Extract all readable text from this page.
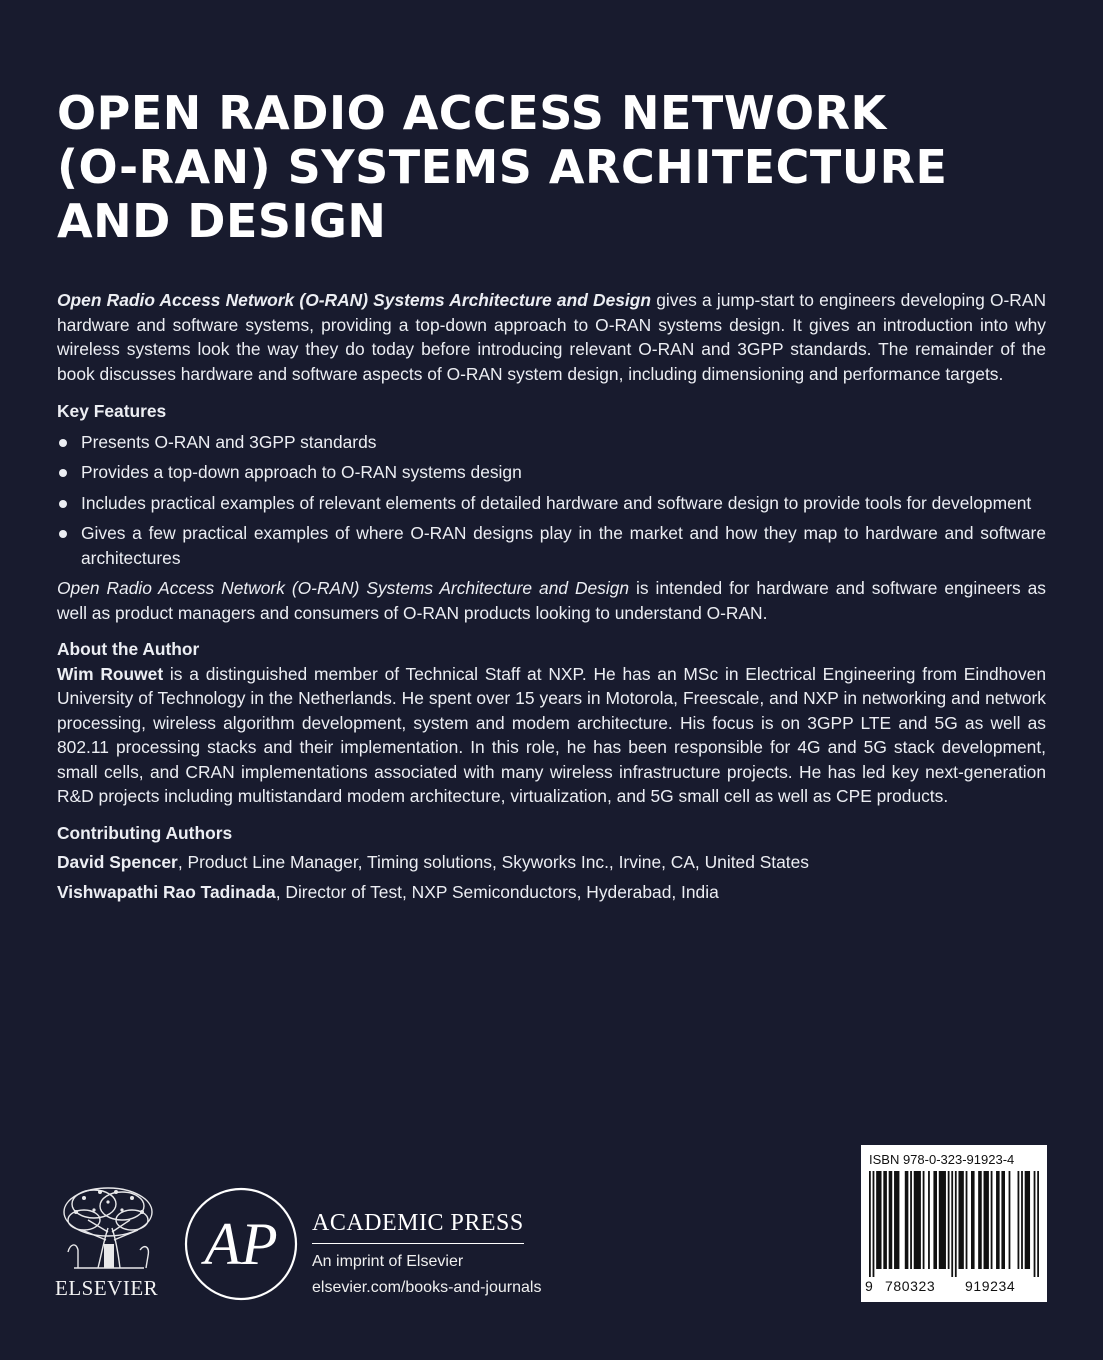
OPEN RADIO ACCESS NETWORK
(O-RAN) SYSTEMS ARCHITECTURE
AND DESIGN

Open Radio Access Network (O-RAN) Systems Architecture and Design gives a jump-start to engineers developing O-RAN hardware and software systems, providing a top-down approach to O-RAN systems design. It gives an introduction into why wireless systems look the way they do today before introducing relevant O-RAN and 3GPP standards. The remainder of the book discusses hardware and software aspects of O-RAN system design, including dimensioning and performance targets.

Key Features

Presents O-RAN and 3GPP standards
Provides a top-down approach to O-RAN systems design
Includes practical examples of relevant elements of detailed hardware and software design to provide tools for development
Gives a few practical examples of where O-RAN designs play in the market and how they map to hardware and software architectures

Open Radio Access Network (O-RAN) Systems Architecture and Design is intended for hardware and software engineers as well as product managers and consumers of O-RAN products looking to understand O-RAN.

About the Author

Wim Rouwet is a distinguished member of Technical Staff at NXP. He has an MSc in Electrical Engineering from Eindhoven University of Technology in the Netherlands. He spent over 15 years in Motorola, Freescale, and NXP in networking and network processing, wireless algorithm development, system and modem architecture. His focus is on 3GPP LTE and 5G as well as 802.11 processing stacks and their implementation. In this role, he has been responsible for 4G and 5G stack development, small cells, and CRAN implementations associated with many wireless infrastructure projects. He has led key next-generation R&D projects including multistandard modem architecture, virtualization, and 5G small cell as well as CPE products.

Contributing Authors

David Spencer, Product Line Manager, Timing solutions, Skyworks Inc., Irvine, CA, United States

Vishwapathi Rao Tadinada, Director of Test, NXP Semiconductors, Hyderabad, India

ELSEVIER
AP ACADEMIC PRESS
An imprint of Elsevier
elsevier.com/books-and-journals
ISBN 978-0-323-91923-4
9 780323 919234
